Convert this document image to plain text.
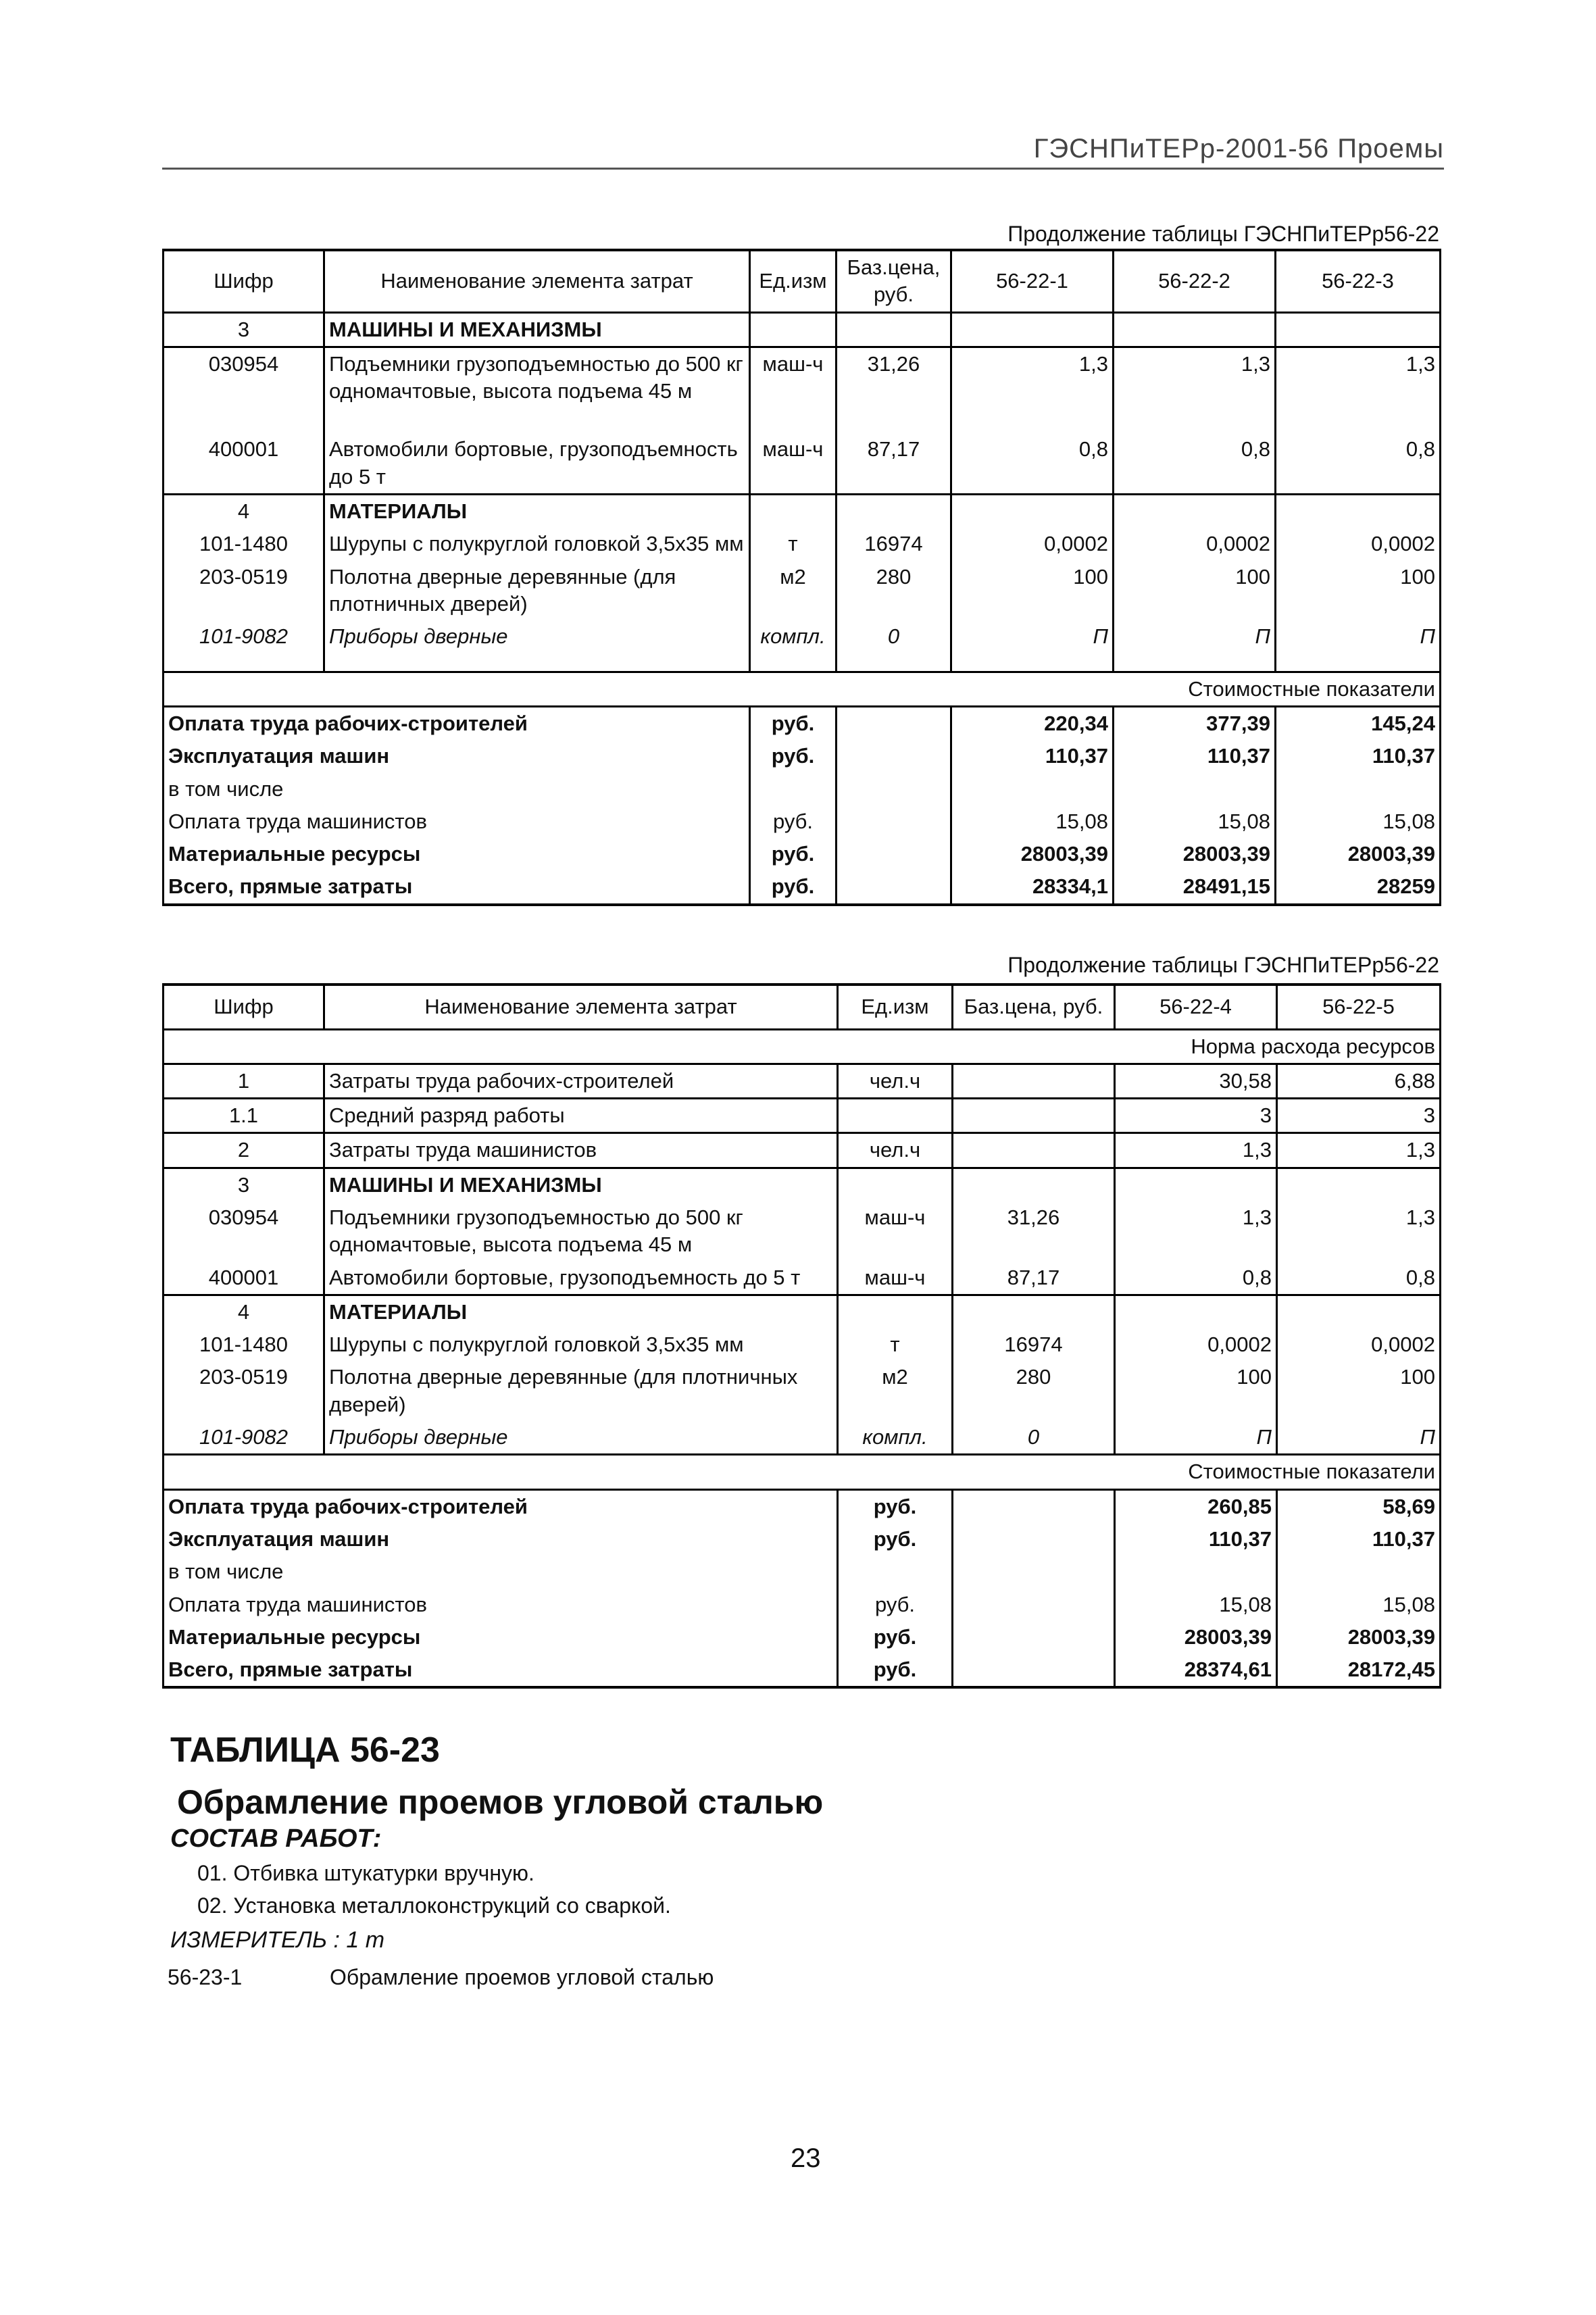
ГЭСНПиТЕРр-2001-56 Проемы
Продолжение таблицы ГЭСНПиТЕРр56-22
Шифр	Наименование элемента затрат	Ед.изм	Баз.цена, руб.	56-22-1	56-22-2	56-22-3
3	МАШИНЫ И МЕХАНИЗМЫ					
030954	Подъемники грузоподъемностью до 500 кг одномачтовые, высота подъема 45 м	маш-ч	31,26	1,3	1,3	1,3
400001	Автомобили бортовые, грузоподъемность до 5 т	маш-ч	87,17	0,8	0,8	0,8
4	МАТЕРИАЛЫ					
101-1480	Шурупы с полукруглой головкой 3,5х35 мм	т	16974	0,0002	0,0002	0,0002
203-0519	Полотна дверные деревянные (для плотничных дверей)	м2	280	100	100	100
101-9082	Приборы дверные	компл.	0	П	П	П
Стоимостные показатели						
Оплата труда рабочих-строителей		руб.		220,34	377,39	145,24
Эксплуатация машин		руб.		110,37	110,37	110,37
в том числе						
Оплата труда машинистов		руб.		15,08	15,08	15,08
Материальные ресурсы		руб.		28003,39	28003,39	28003,39
Всего, прямые затраты		руб.		28334,1	28491,15	28259
Продолжение таблицы ГЭСНПиТЕРр56-22
Шифр	Наименование элемента затрат	Ед.изм	Баз.цена, руб.	56-22-4	56-22-5
Норма расхода ресурсов					
1	Затраты труда рабочих-строителей	чел.ч		30,58	6,88
1.1	Средний разряд работы			3	3
2	Затраты труда машинистов	чел.ч		1,3	1,3
3	МАШИНЫ И МЕХАНИЗМЫ				
030954	Подъемники грузоподъемностью до 500 кг одномачтовые, высота подъема 45 м	маш-ч	31,26	1,3	1,3
400001	Автомобили бортовые, грузоподъемность до 5 т	маш-ч	87,17	0,8	0,8
4	МАТЕРИАЛЫ				
101-1480	Шурупы с полукруглой головкой 3,5х35 мм	т	16974	0,0002	0,0002
203-0519	Полотна дверные деревянные (для плотничных дверей)	м2	280	100	100
101-9082	Приборы дверные	компл.	0	П	П
Стоимостные показатели					
Оплата труда рабочих-строителей		руб.		260,85	58,69
Эксплуатация машин		руб.		110,37	110,37
в том числе					
Оплата труда машинистов		руб.		15,08	15,08
Материальные ресурсы		руб.		28003,39	28003,39
Всего, прямые затраты		руб.		28374,61	28172,45
ТАБЛИЦА 56-23
Обрамление проемов угловой сталью
СОСТАВ РАБОТ:
01. Отбивка штукатурки вручную.
02. Установка металлоконструкций со сваркой.
ИЗМЕРИТЕЛЬ : 1 т
56-23-1	Обрамление проемов угловой сталью
23
